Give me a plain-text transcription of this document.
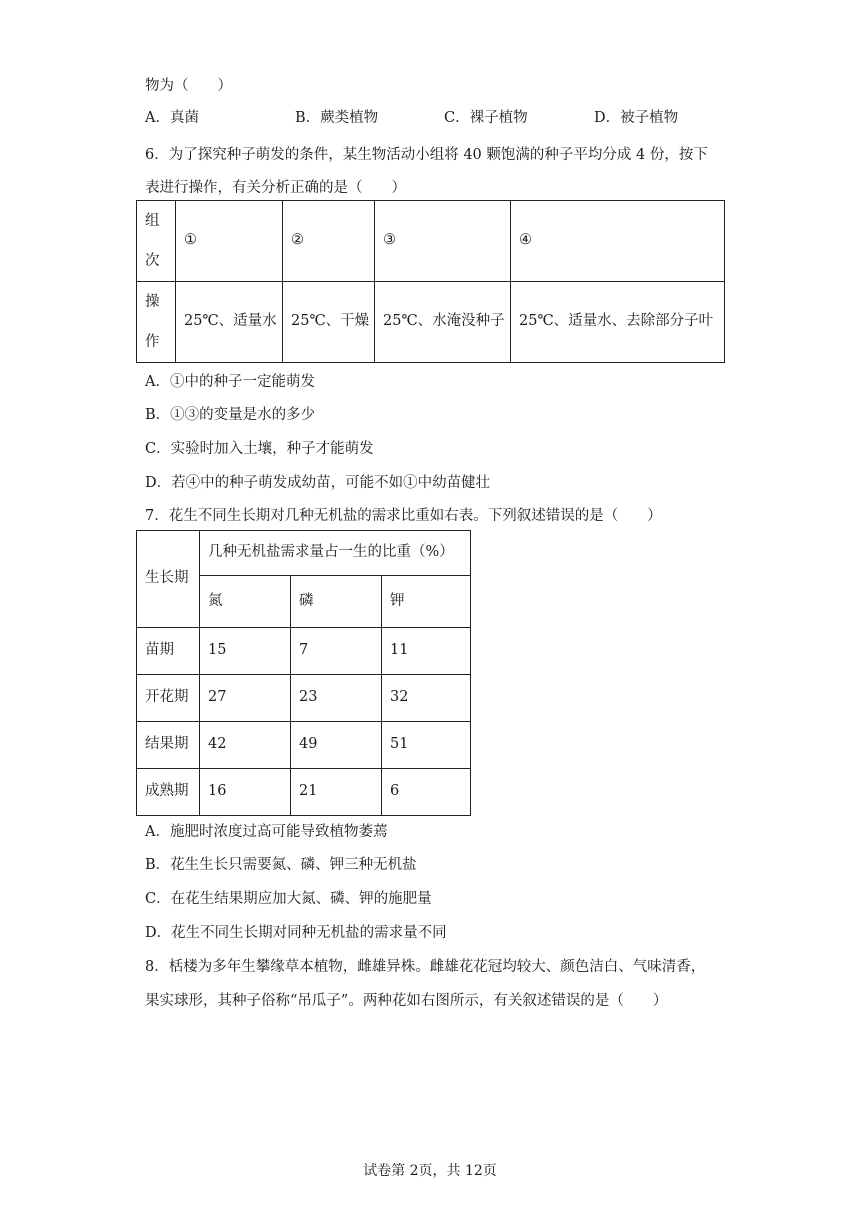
物为（　　）
A．真菌	B．蕨类植物	C．裸子植物	D．被子植物
6．为了探究种子萌发的条件，某生物活动小组将 40 颗饱满的种子平均分成 4 份，按下
表进行操作，有关分析正确的是（　　）
组
次	①	②	③	④

操
作	25℃、适量水	25℃、干燥	25℃、水淹没种子	25℃、适量水、去除部分子叶
A．①中的种子一定能萌发
B．①③的变量是水的多少
C．实验时加入土壤，种子才能萌发
D．若④中的种子萌发成幼苗，可能不如①中幼苗健壮
7．花生不同生长期对几种无机盐的需求比重如右表。下列叙述错误的是（　　）
生长期	几种无机盐需求量占一生的比重（%）		
	氮	磷	钾
苗期	15	7	11
开花期	27	23	32
结果期	42	49	51
成熟期	16	21	6
A．施肥时浓度过高可能导致植物萎蔫
B．花生生长只需要氮、磷、钾三种无机盐
C．在花生结果期应加大氮、磷、钾的施肥量
D．花生不同生长期对同种无机盐的需求量不同
8．栝楼为多年生攀缘草本植物，雌雄异株。雌雄花花冠均较大、颜色洁白、气味清香，
果实球形，其种子俗称“吊瓜子”。两种花如右图所示，有关叙述错误的是（　　）
试卷第 2页，共 12页
